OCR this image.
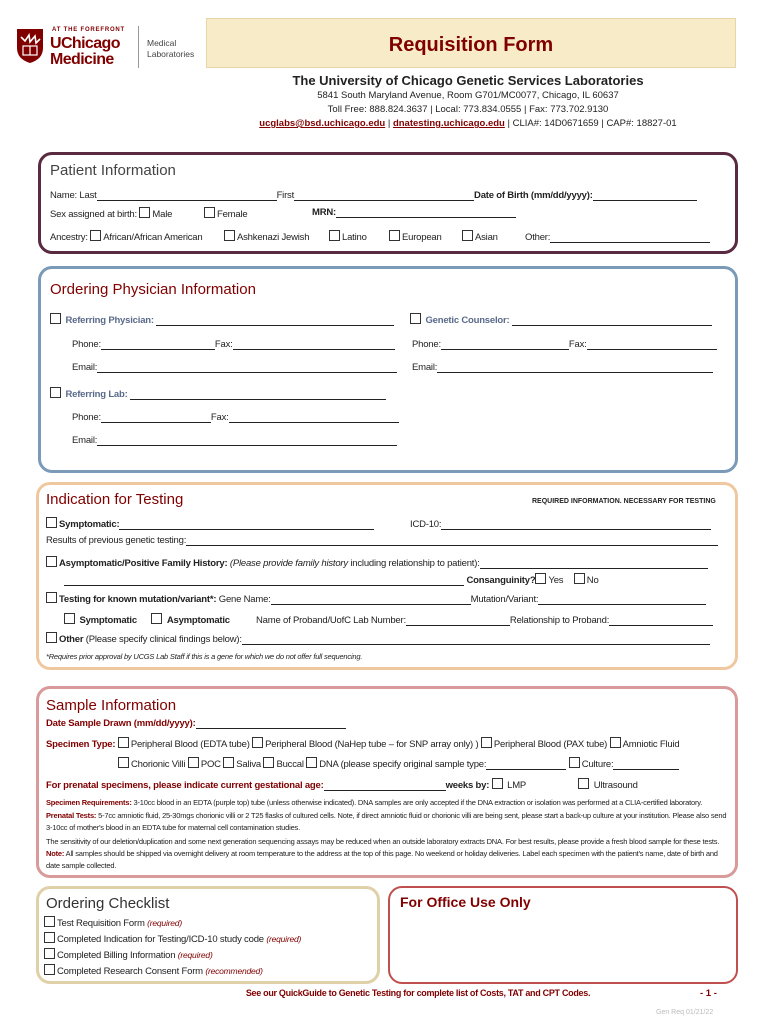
AT THE FOREFRONT
UChicago
Medicine
Medical
Laboratories	Requisition Form
The University of Chicago Genetic Services Laboratories
5841 South Maryland Avenue, Room G701/MC0077, Chicago, IL 60637
Toll Free: 888.824.3637 | Local: 773.834.0555 | Fax: 773.702.9130
ucglabs@bsd.uchicago.edu | dnatesting.uchicago.edu | CLIA#: 14D0671659 | CAP#: 18827-01
Patient Information
Name: Last	First	Date of Birth (mm/dd/yyyy):
Sex assigned at birth: Male	Female	MRN:
Ancestry: African/African American	Ashkenazi Jewish	Latino	European	Asian	Other:
Ordering Physician Information
Referring Physician:	Genetic Counselor:
Phone:	Fax:	Phone:	Fax:
Email:	Email:
Referring Lab:
Phone:	Fax:
Email:
Indication for Testing	REQUIRED INFORMATION. NECESSARY FOR TESTING
Symptomatic:	ICD-10:
Results of previous genetic testing:
Asymptomatic/Positive Family History: (Please provide family history including relationship to patient):
Consanguinity? Yes No
Testing for known mutation/variant*: Gene Name:	Mutation/Variant:
Symptomatic	Asymptomatic	Name of Proband/UofC Lab Number:	Relationship to Proband:
Other (Please specify clinical findings below):
*Requires prior approval by UCGS Lab Staff if this is a gene for which we do not offer full sequencing.
Sample Information
Date Sample Drawn (mm/dd/yyyy):
Specimen Type: Peripheral Blood (EDTA tube) Peripheral Blood (NaHep tube – for SNP array only) ) Peripheral Blood (PAX tube) Amniotic Fluid
Chorionic Villi POC Saliva Buccal DNA (please specify original sample type:	Culture:
For prenatal specimens, please indicate current gestational age:	weeks by: LMP	Ultrasound
Specimen Requirements: 3-10cc blood in an EDTA (purple top) tube (unless otherwise indicated). DNA samples are only accepted if the DNA extraction or isolation was performed at a CLIA-certified laboratory.
Prenatal Tests: 5-7cc amniotic fluid, 25-30mgs chorionic villi or 2 T25 flasks of cultured cells. Note, if direct amniotic fluid or chorionic villi are being sent, please start a back-up culture at your institution. Please also send 3-10cc of mother's blood in an EDTA tube for maternal cell contamination studies.
The sensitivity of our deletion/duplication and some next generation sequencing assays may be reduced when an outside laboratory extracts DNA. For best results, please provide a fresh blood sample for these tests.
Note: All samples should be shipped via overnight delivery at room temperature to the address at the top of this page. No weekend or holiday deliveries. Label each specimen with the patient's name, date of birth and date sample collected.
Ordering Checklist
Test Requisition Form (required)
Completed Indication for Testing/ICD-10 study code (required)
Completed Billing Information (required)
Completed Research Consent Form (recommended)
For Office Use Only
See our QuickGuide to Genetic Testing for complete list of Costs, TAT and CPT Codes.	- 1 -
Gen Req 01/21/22
